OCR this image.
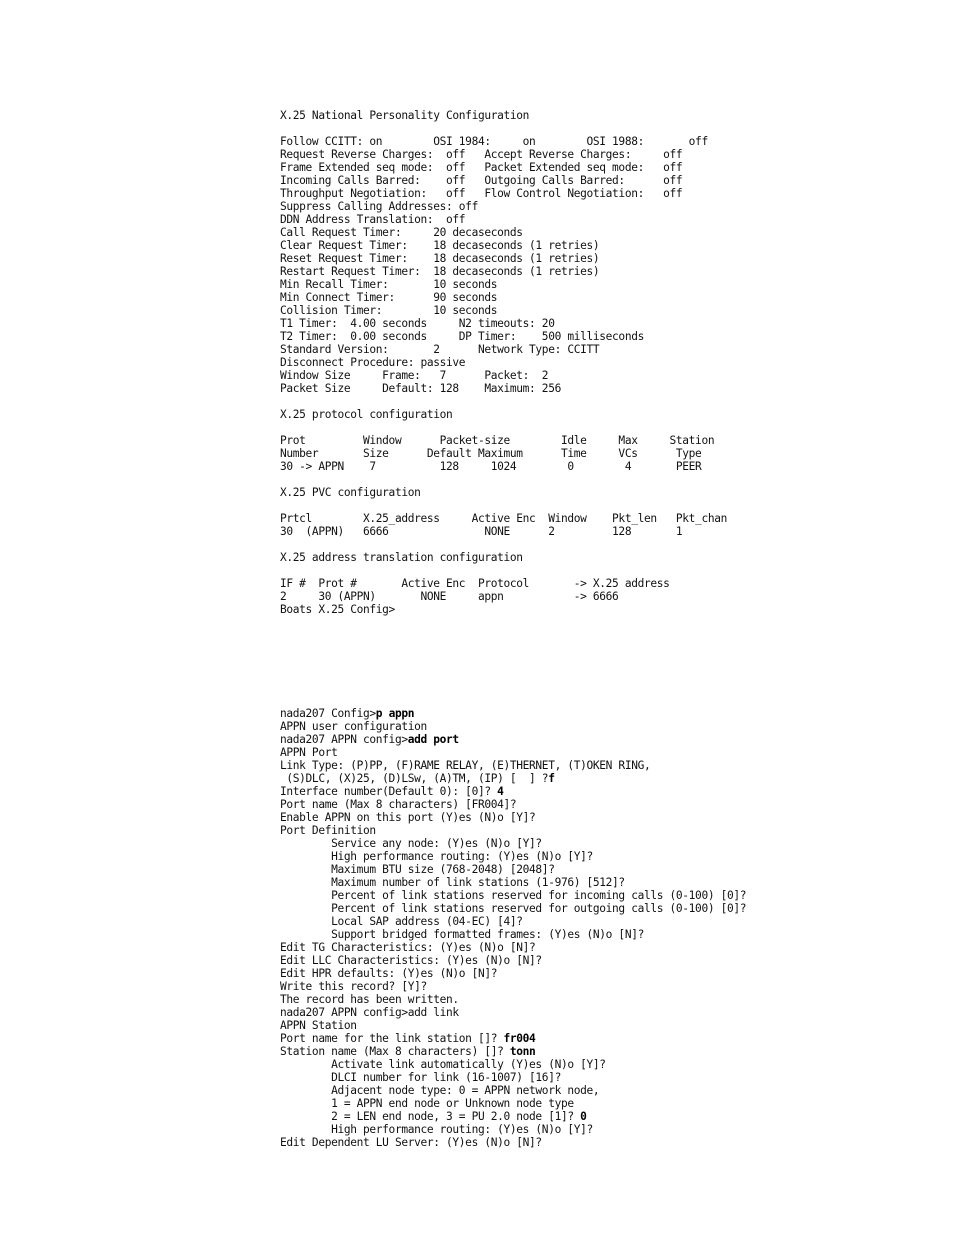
X.25 National Personality Configuration
Follow CCITT: on        OSI 1984:     on        OSI 1988:       off
Request Reverse Charges:  off   Accept Reverse Charges:     off
Frame Extended seq mode:  off   Packet Extended seq mode:   off
Incoming Calls Barred:    off   Outgoing Calls Barred:      off
Throughput Negotiation:   off   Flow Control Negotiation:   off
Suppress Calling Addresses: off
DDN Address Translation:  off
Call Request Timer:     20 decaseconds
Clear Request Timer:    18 decaseconds (1 retries)
Reset Request Timer:    18 decaseconds (1 retries)
Restart Request Timer:  18 decaseconds (1 retries)
Min Recall Timer:       10 seconds
Min Connect Timer:      90 seconds
Collision Timer:        10 seconds
T1 Timer:  4.00 seconds     N2 timeouts: 20
T2 Timer:  0.00 seconds     DP Timer:    500 milliseconds
Standard Version:       2      Network Type: CCITT
Disconnect Procedure: passive
Window Size     Frame:   7      Packet:  2
Packet Size     Default: 128    Maximum: 256
X.25 protocol configuration
Prot         Window      Packet-size        Idle     Max     Station
Number       Size      Default Maximum      Time     VCs      Type
30 -> APPN    7          128     1024        0        4       PEER
X.25 PVC configuration
Prtcl        X.25_address     Active Enc  Window    Pkt_len   Pkt_chan
30  (APPN)   6666               NONE      2         128       1
X.25 address translation configuration
IF #  Prot #       Active Enc  Protocol       -> X.25 address
2     30 (APPN)       NONE     appn           -> 6666
Boats X.25 Config>
nada207 Config>p appn
APPN user configuration
nada207 APPN config>add port
APPN Port
Link Type: (P)PP, (F)RAME RELAY, (E)THERNET, (T)OKEN RING,
(S)DLC, (X)25, (D)LSw, (A)TM, (IP) [  ] ?f
Interface number(Default 0): [0]? 4
Port name (Max 8 characters) [FR004]?
Enable APPN on this port (Y)es (N)o [Y]?
Port Definition
Service any node: (Y)es (N)o [Y]?
High performance routing: (Y)es (N)o [Y]?
Maximum BTU size (768-2048) [2048]?
Maximum number of link stations (1-976) [512]?
Percent of link stations reserved for incoming calls (0-100) [0]?
Percent of link stations reserved for outgoing calls (0-100) [0]?
Local SAP address (04-EC) [4]?
Support bridged formatted frames: (Y)es (N)o [N]?
Edit TG Characteristics: (Y)es (N)o [N]?
Edit LLC Characteristics: (Y)es (N)o [N]?
Edit HPR defaults: (Y)es (N)o [N]?
Write this record? [Y]?
The record has been written.
nada207 APPN config>add link
APPN Station
Port name for the link station []? fr004
Station name (Max 8 characters) []? tonn
Activate link automatically (Y)es (N)o [Y]?
DLCI number for link (16-1007) [16]?
Adjacent node type: 0 = APPN network node,
1 = APPN end node or Unknown node type
2 = LEN end node, 3 = PU 2.0 node [1]? 0
High performance routing: (Y)es (N)o [Y]?
Edit Dependent LU Server: (Y)es (N)o [N]?
